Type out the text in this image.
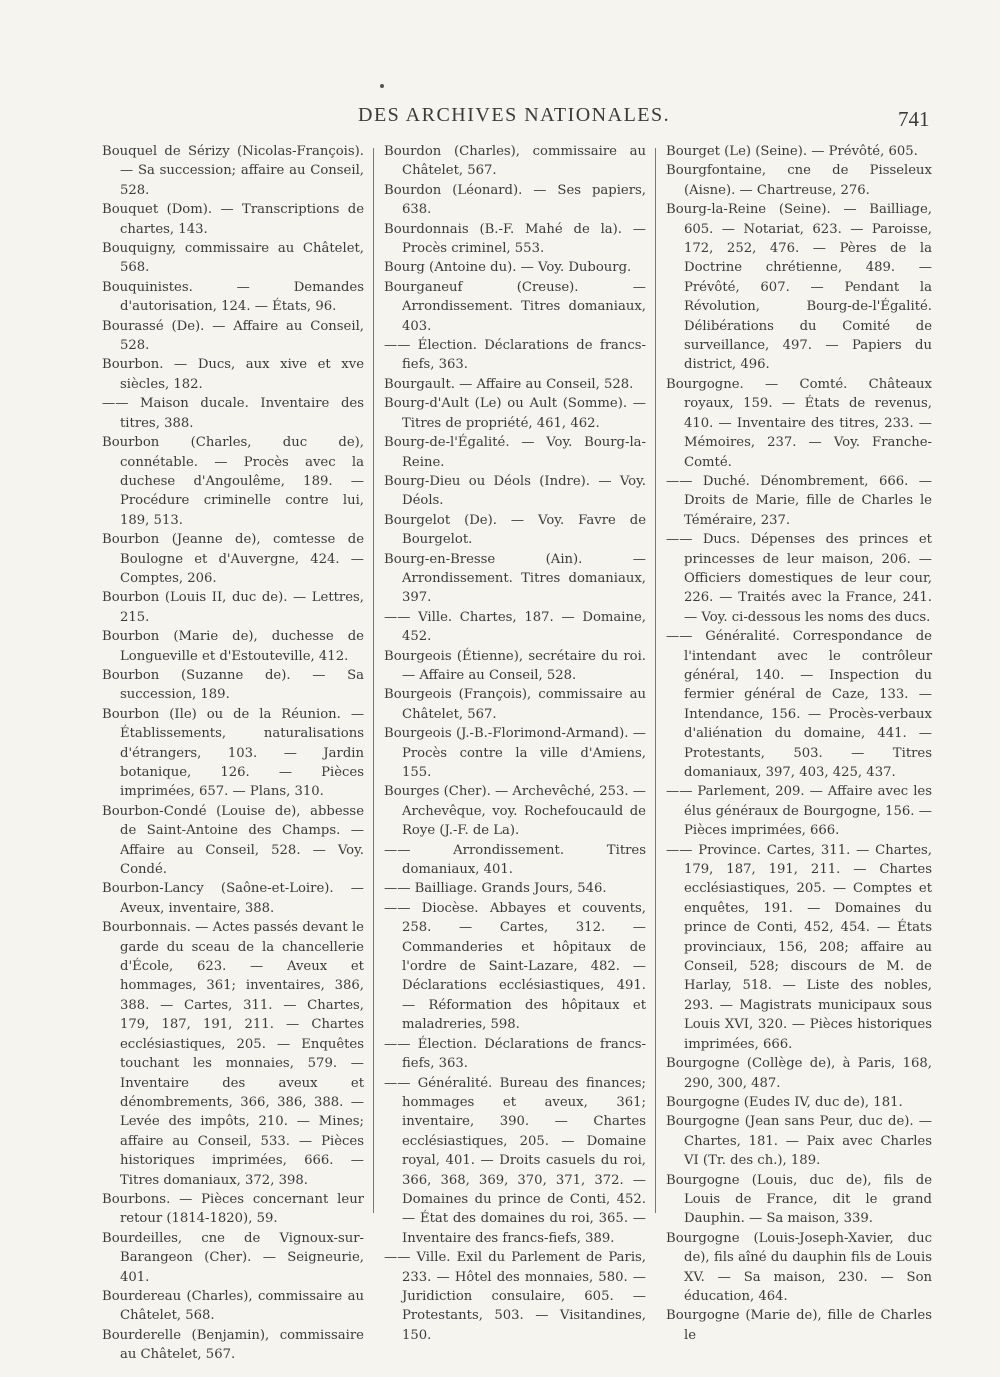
DES ARCHIVES NATIONALES.	741
Bouquel de Sérizy (Nicolas-François). — Sa succession; affaire au Conseil, 528.
Bouquet (Dom). — Transcriptions de chartes, 143.
Bouquigny, commissaire au Châtelet, 568.
Bouquinistes. — Demandes d'autorisation, 124. — États, 96.
Bourassé (De). — Affaire au Conseil, 528.
Bourbon. — Ducs, aux xive et xve siècles, 182.
—— Maison ducale. Inventaire des titres, 388.
Bourbon (Charles, duc de), connétable. — Procès avec la duchese d'Angoulême, 189. — Procédure criminelle contre lui, 189, 513.
Bourbon (Jeanne de), comtesse de Boulogne et d'Auvergne, 424. — Comptes, 206.
Bourbon (Louis II, duc de). — Lettres, 215.
Bourbon (Marie de), duchesse de Longueville et d'Estouteville, 412.
Bourbon (Suzanne de). — Sa succession, 189.
Bourbon (Ile) ou de la Réunion. — Établissements, naturalisations d'étrangers, 103. — Jardin botanique, 126. — Pièces imprimées, 657. — Plans, 310.
Bourbon-Condé (Louise de), abbesse de Saint-Antoine des Champs. — Affaire au Conseil, 528. — Voy. Condé.
Bourbon-Lancy (Saône-et-Loire). — Aveux, inventaire, 388.
Bourbonnais. — Actes passés devant le garde du sceau de la chancellerie d'École, 623. — Aveux et hommages, 361; inventaires, 386, 388. — Cartes, 311. — Chartes, 179, 187, 191, 211. — Chartes ecclésiastiques, 205. — Enquêtes touchant les monnaies, 579. — Inventaire des aveux et dénombrements, 366, 386, 388. — Levée des impôts, 210. — Mines; affaire au Conseil, 533. — Pièces historiques imprimées, 666. — Titres domaniaux, 372, 398.
Bourbons. — Pièces concernant leur retour (1814-1820), 59.
Bourdeilles, cne de Vignoux-sur-Barangeon (Cher). — Seigneurie, 401.
Bourdereau (Charles), commissaire au Châtelet, 568.
Bourderelle (Benjamin), commissaire au Châtelet, 567.
Bourdon (Charles), commissaire au Châtelet, 567.
Bourdon (Léonard). — Ses papiers, 638.
Bourdonnais (B.-F. Mahé de la). — Procès criminel, 553.
Bourg (Antoine du). — Voy. Dubourg.
Bourganeuf (Creuse). — Arrondissement. Titres domaniaux, 403.
—— Élection. Déclarations de francs-fiefs, 363.
Bourgault. — Affaire au Conseil, 528.
Bourg-d'Ault (Le) ou Ault (Somme). — Titres de propriété, 461, 462.
Bourg-de-l'Égalité. — Voy. Bourg-la-Reine.
Bourg-Dieu ou Déols (Indre). — Voy. Déols.
Bourgelot (De). — Voy. Favre de Bourgelot.
Bourg-en-Bresse (Ain). — Arrondissement. Titres domaniaux, 397.
—— Ville. Chartes, 187. — Domaine, 452.
Bourgeois (Étienne), secrétaire du roi. — Affaire au Conseil, 528.
Bourgeois (François), commissaire au Châtelet, 567.
Bourgeois (J.-B.-Florimond-Armand). — Procès contre la ville d'Amiens, 155.
Bourges (Cher). — Archevêché, 253. — Archevêque, voy. Rochefoucauld de Roye (J.-F. de La).
—— Arrondissement. Titres domaniaux, 401.
—— Bailliage. Grands Jours, 546.
—— Diocèse. Abbayes et couvents, 258. — Cartes, 312. — Commanderies et hôpitaux de l'ordre de Saint-Lazare, 482. — Déclarations ecclésiastiques, 491. — Réformation des hôpitaux et maladreries, 598.
—— Élection. Déclarations de francs-fiefs, 363.
—— Généralité. Bureau des finances; hommages et aveux, 361; inventaire, 390. — Chartes ecclésiastiques, 205. — Domaine royal, 401. — Droits casuels du roi, 366, 368, 369, 370, 371, 372. — Domaines du prince de Conti, 452. — État des domaines du roi, 365. — Inventaire des francs-fiefs, 389.
—— Ville. Exil du Parlement de Paris, 233. — Hôtel des monnaies, 580. — Juridiction consulaire, 605. — Protestants, 503. — Visitandines, 150.
Bourget (Le) (Seine). — Prévôté, 605.
Bourgfontaine, cne de Pisseleux (Aisne). — Chartreuse, 276.
Bourg-la-Reine (Seine). — Bailliage, 605. — Notariat, 623. — Paroisse, 172, 252, 476. — Pères de la Doctrine chrétienne, 489. — Prévôté, 607. — Pendant la Révolution, Bourg-de-l'Égalité. Délibérations du Comité de surveillance, 497. — Papiers du district, 496.
Bourgogne. — Comté. Châteaux royaux, 159. — États de revenus, 410. — Inventaire des titres, 233. — Mémoires, 237. — Voy. Franche-Comté.
—— Duché. Dénombrement, 666. — Droits de Marie, fille de Charles le Téméraire, 237.
—— Ducs. Dépenses des princes et princesses de leur maison, 206. — Officiers domestiques de leur cour, 226. — Traités avec la France, 241. — Voy. ci-dessous les noms des ducs.
—— Généralité. Correspondance de l'intendant avec le contrôleur général, 140. — Inspection du fermier général de Caze, 133. — Intendance, 156. — Procès-verbaux d'aliénation du domaine, 441. — Protestants, 503. — Titres domaniaux, 397, 403, 425, 437.
—— Parlement, 209. — Affaire avec les élus généraux de Bourgogne, 156. — Pièces imprimées, 666.
—— Province. Cartes, 311. — Chartes, 179, 187, 191, 211. — Chartes ecclésiastiques, 205. — Comptes et enquêtes, 191. — Domaines du prince de Conti, 452, 454. — États provinciaux, 156, 208; affaire au Conseil, 528; discours de M. de Harlay, 518. — Liste des nobles, 293. — Magistrats municipaux sous Louis XVI, 320. — Pièces historiques imprimées, 666.
Bourgogne (Collège de), à Paris, 168, 290, 300, 487.
Bourgogne (Eudes IV, duc de), 181.
Bourgogne (Jean sans Peur, duc de). — Chartes, 181. — Paix avec Charles VI (Tr. des ch.), 189.
Bourgogne (Louis, duc de), fils de Louis de France, dit le grand Dauphin. — Sa maison, 339.
Bourgogne (Louis-Joseph-Xavier, duc de), fils aîné du dauphin fils de Louis XV. — Sa maison, 230. — Son éducation, 464.
Bourgogne (Marie de), fille de Charles le
